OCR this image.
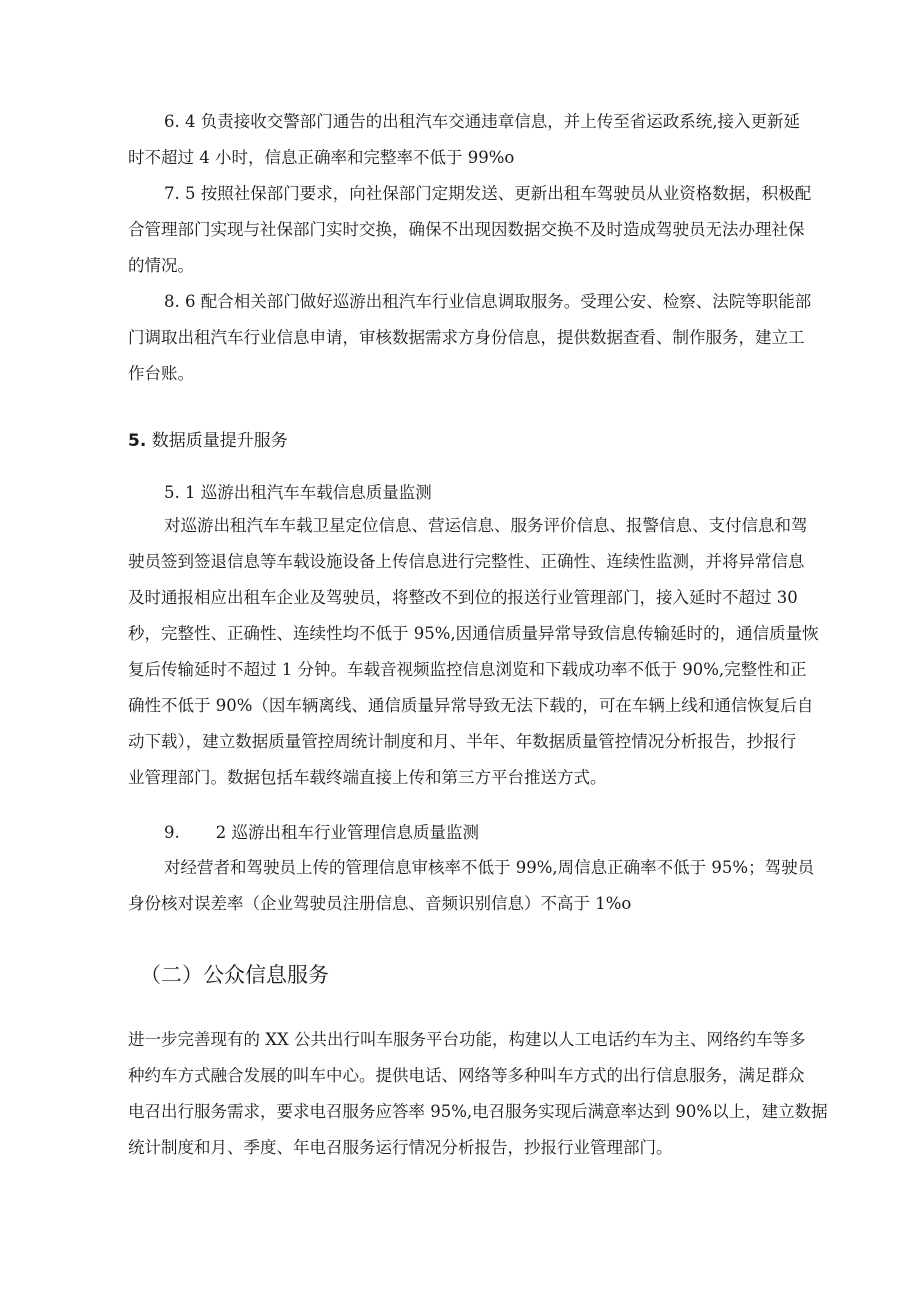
6. 4 负责接收交警部门通告的出租汽车交通违章信息，并上传至省运政系统,接入更新延
时不超过 4 小时，信息正确率和完整率不低于 99%o

7. 5 按照社保部门要求，向社保部门定期发送、更新出租车驾驶员从业资格数据，积极配
合管理部门实现与社保部门实时交换，确保不出现因数据交换不及时造成驾驶员无法办理社保
的情况。

8. 6 配合相关部门做好巡游出租汽车行业信息调取服务。受理公安、检察、法院等职能部
门调取出租汽车行业信息申请，审核数据需求方身份信息，提供数据查看、制作服务，建立工
作台账。

5. 数据质量提升服务

5. 1 巡游出租汽车车载信息质量监测

对巡游出租汽车车载卫星定位信息、营运信息、服务评价信息、报警信息、支付信息和驾
驶员签到签退信息等车载设施设备上传信息进行完整性、正确性、连续性监测，并将异常信息
及时通报相应出租车企业及驾驶员，将整改不到位的报送行业管理部门，接入延时不超过 30
秒，完整性、正确性、连续性均不低于 95%,因通信质量异常导致信息传输延时的，通信质量恢
复后传输延时不超过 1 分钟。车载音视频监控信息浏览和下载成功率不低于 90%,完整性和正
确性不低于 90%（因车辆离线、通信质量异常导致无法下载的，可在车辆上线和通信恢复后自
动下载），建立数据质量管控周统计制度和月、半年、年数据质量管控情况分析报告，抄报行
业管理部门。数据包括车载终端直接上传和第三方平台推送方式。

9. 2 巡游出租车行业管理信息质量监测

对经营者和驾驶员上传的管理信息审核率不低于 99%,周信息正确率不低于 95%；驾驶员
身份核对误差率（企业驾驶员注册信息、音频识别信息）不高于 1%o

（二）公众信息服务

进一步完善现有的 XX 公共出行叫车服务平台功能，构建以人工电话约车为主、网络约车等多
种约车方式融合发展的叫车中心。提供电话、网络等多种叫车方式的出行信息服务，满足群众
电召出行服务需求，要求电召服务应答率 95%,电召服务实现后满意率达到 90%以上，建立数据
统计制度和月、季度、年电召服务运行情况分析报告，抄报行业管理部门。
